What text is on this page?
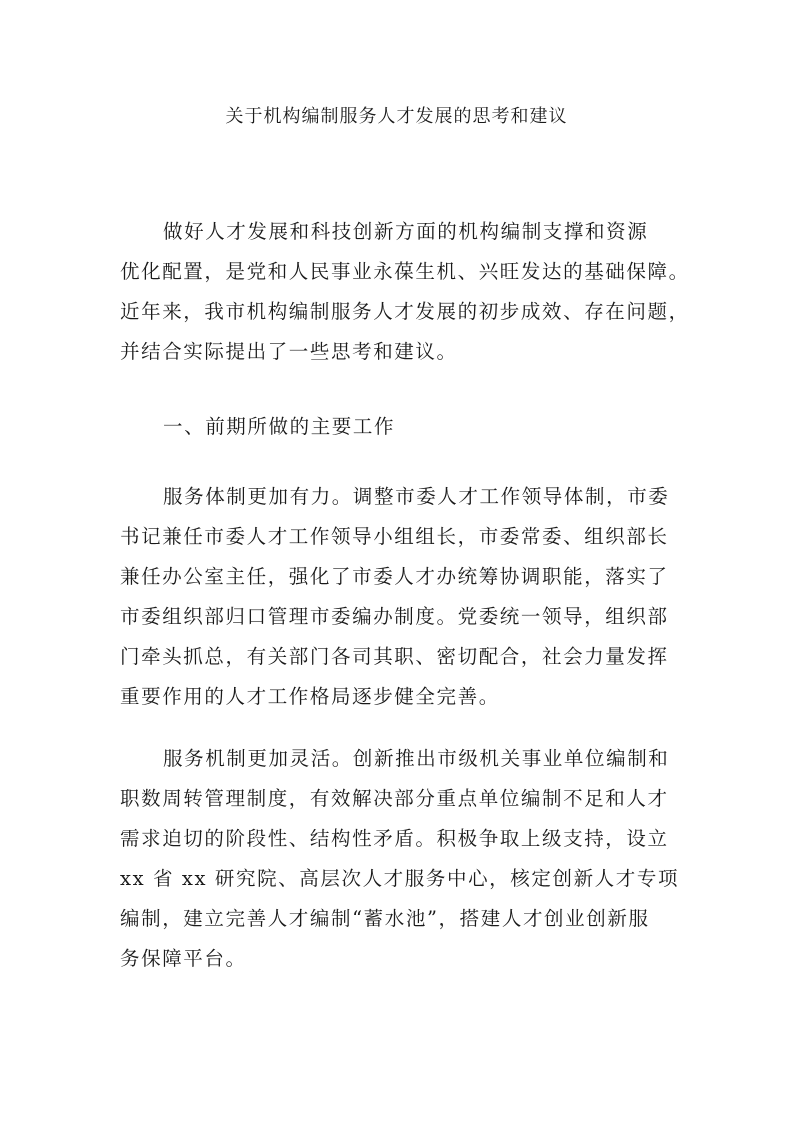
关于机构编制服务人才发展的思考和建议

做好人才发展和科技创新方面的机构编制支撑和资源
优化配置，是党和人民事业永葆生机、兴旺发达的基础保障。
近年来，我市机构编制服务人才发展的初步成效、存在问题，
并结合实际提出了一些思考和建议。

一、前期所做的主要工作

服务体制更加有力。调整市委人才工作领导体制，市委
书记兼任市委人才工作领导小组组长，市委常委、组织部长
兼任办公室主任，强化了市委人才办统筹协调职能，落实了
市委组织部归口管理市委编办制度。党委统一领导，组织部
门牵头抓总，有关部门各司其职、密切配合，社会力量发挥
重要作用的人才工作格局逐步健全完善。

服务机制更加灵活。创新推出市级机关事业单位编制和
职数周转管理制度，有效解决部分重点单位编制不足和人才
需求迫切的阶段性、结构性矛盾。积极争取上级支持，设立
xx 省 xx 研究院、高层次人才服务中心，核定创新人才专项
编制，建立完善人才编制“蓄水池”，搭建人才创业创新服
务保障平台。
